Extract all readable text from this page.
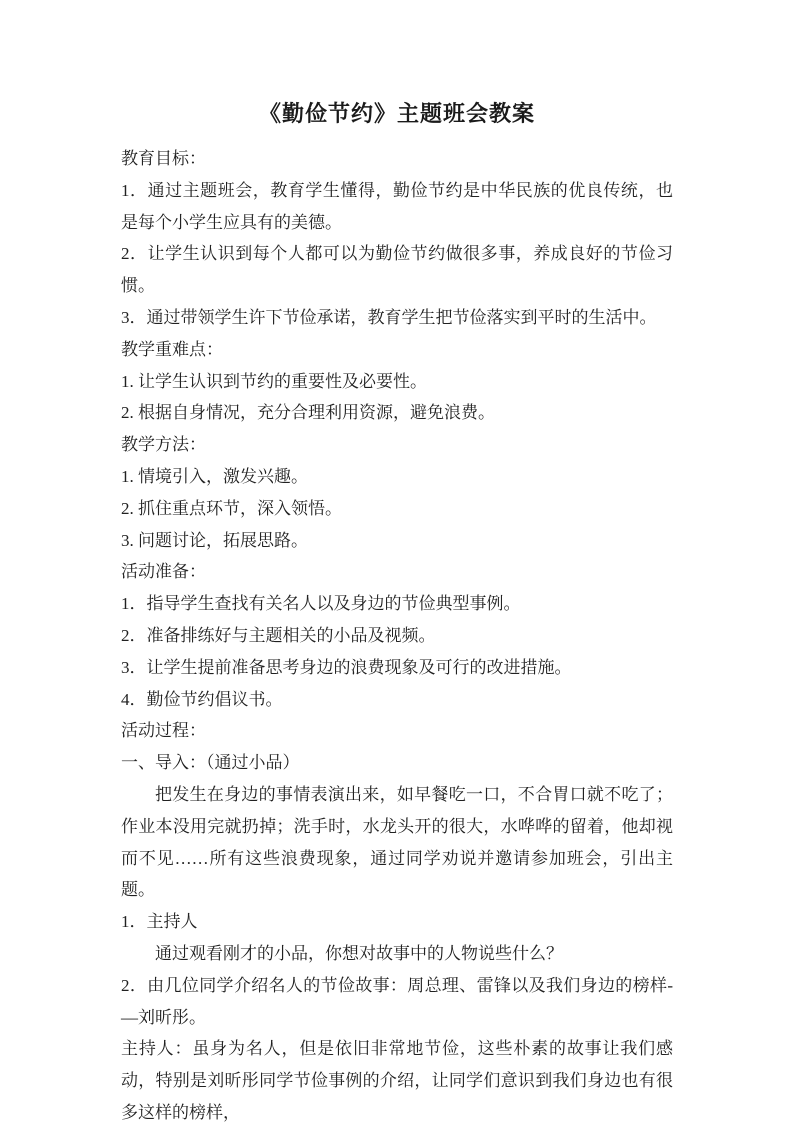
《勤俭节约》主题班会教案

教育目标：

1．通过主题班会，教育学生懂得，勤俭节约是中华民族的优良传统，也是每个小学生应具有的美德。

2．让学生认识到每个人都可以为勤俭节约做很多事，养成良好的节俭习惯。

3．通过带领学生许下节俭承诺，教育学生把节俭落实到平时的生活中。

教学重难点：

1. 让学生认识到节约的重要性及必要性。

2. 根据自身情况，充分合理利用资源，避免浪费。

教学方法：

1. 情境引入，激发兴趣。

2. 抓住重点环节，深入领悟。

3. 问题讨论，拓展思路。

活动准备：

1．指导学生查找有关名人以及身边的节俭典型事例。

2．准备排练好与主题相关的小品及视频。

3．让学生提前准备思考身边的浪费现象及可行的改进措施。

4．勤俭节约倡议书。

活动过程：

一、导入：（通过小品）

把发生在身边的事情表演出来，如早餐吃一口，不合胃口就不吃了；作业本没用完就扔掉；洗手时，水龙头开的很大，水哗哗的留着，他却视而不见……所有这些浪费现象，通过同学劝说并邀请参加班会，引出主题。

1．主持人

通过观看刚才的小品，你想对故事中的人物说些什么？

2．由几位同学介绍名人的节俭故事：周总理、雷锋以及我们身边的榜样-—刘昕彤。

主持人：虽身为名人，但是依旧非常地节俭，这些朴素的故事让我们感动，特别是刘昕彤同学节俭事例的介绍，让同学们意识到我们身边也有很多这样的榜样，
